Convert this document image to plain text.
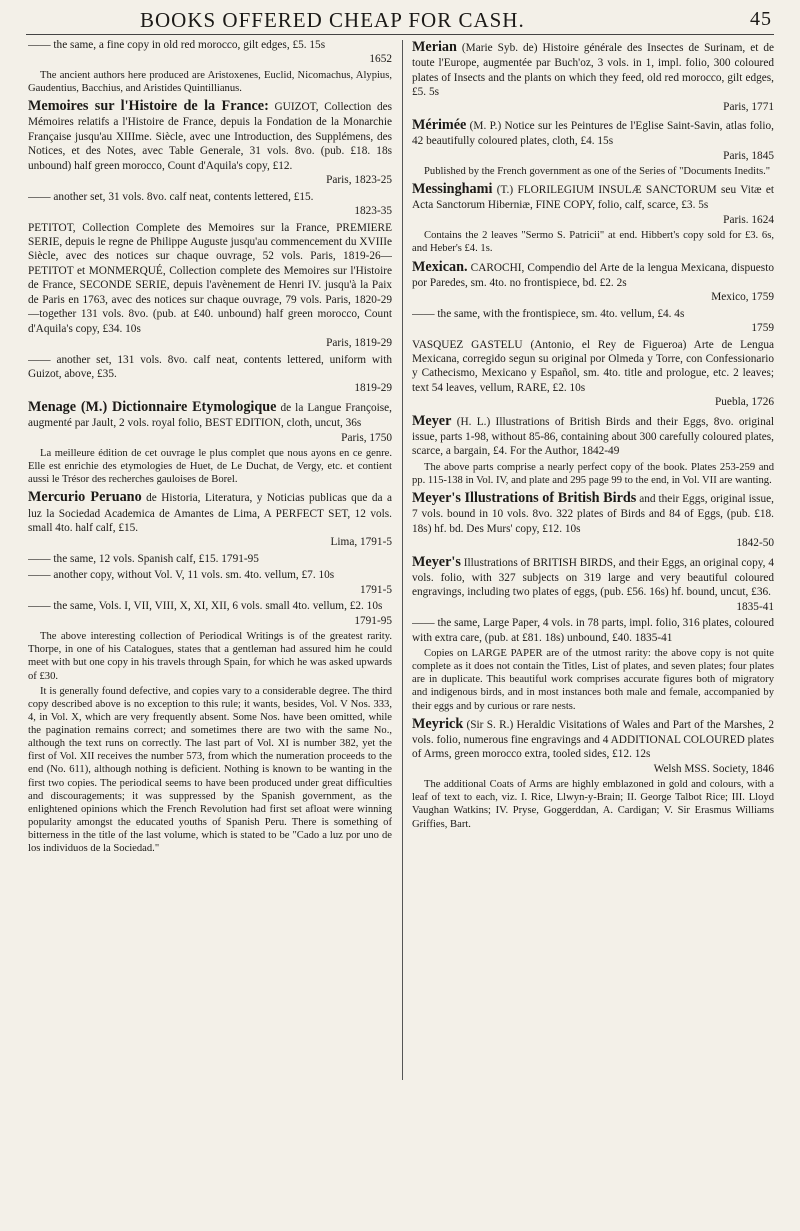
BOOKS OFFERED CHEAP FOR CASH.	45

—— the same, a fine copy in old red morocco, gilt edges, £5. 15s
1652

The ancient authors here produced are Aristoxenes, Euclid, Nicomachus, Alypius, Gaudentius, Bacchius, and Aristides Quintillianus.

Memoires sur l'Histoire de la France: GUIZOT, Collection des Mémoires relatifs a l'Histoire de France, depuis la Fondation de la Monarchie Française jusqu'au XIIIme. Siècle, avec une Introduction, des Supplémens, des Notices, et des Notes, avec Table Generale, 31 vols. 8vo. (pub. £18. 18s unbound) half green morocco, Count d'Aquila's copy, £12.
Paris, 1823-25

—— another set, 31 vols. 8vo. calf neat, contents lettered, £15.
1823-35

PETITOT, Collection Complete des Memoires sur la France, PREMIERE SERIE, depuis le regne de Philippe Auguste jusqu'au commencement du XVIIIe Siècle, avec des notices sur chaque ouvrage, 52 vols. Paris, 1819-26—PETITOT et MONMERQUÉ, Collection complete des Memoires sur l'Histoire de France, SECONDE SERIE, depuis l'avènement de Henri IV. jusqu'à la Paix de Paris en 1763, avec des notices sur chaque ouvrage, 79 vols. Paris, 1820-29—together 131 vols. 8vo. (pub. at £40. unbound) half green morocco, Count d'Aquila's copy, £34. 10s
Paris, 1819-29

—— another set, 131 vols. 8vo. calf neat, contents lettered, uniform with Guizot, above, £35.
1819-29

Menage (M.) Dictionnaire Etymologique de la Langue Françoise, augmenté par Jault, 2 vols. royal folio, BEST EDITION, cloth, uncut, 36s
Paris, 1750

La meilleure édition de cet ouvrage le plus complet que nous ayons en ce genre. Elle est enrichie des etymologies de Huet, de Le Duchat, de Vergy, etc. et contient aussi le Trésor des recherches gauloises de Borel.

Mercurio Peruano de Historia, Literatura, y Noticias publicas que da a luz la Sociedad Academica de Amantes de Lima, A PERFECT SET, 12 vols. small 4to. half calf, £15.
Lima, 1791-5

—— the same, 12 vols. Spanish calf, £15. 1791-95

—— another copy, without Vol. V, 11 vols. sm. 4to. vellum, £7. 10s
1791-5

—— the same, Vols. I, VII, VIII, X, XI, XII, 6 vols. small 4to. vellum, £2. 10s
1791-95

The above interesting collection of Periodical Writings is of the greatest rarity. Thorpe, in one of his Catalogues, states that a gentleman had assured him he could meet with but one copy in his travels through Spain, for which he was asked upwards of £30.

It is generally found defective, and copies vary to a considerable degree. The third copy described above is no exception to this rule; it wants, besides, Vol. V Nos. 333, 4, in Vol. X, which are very frequently absent. Some Nos. have been omitted, while the pagination remains correct; and sometimes there are two with the same No., although the text runs on correctly. The last part of Vol. XI is number 382, yet the first of Vol. XII receives the number 573, from which the numeration proceeds to the end (No. 611), although nothing is deficient. Nothing is known to be wanting in the first two copies. The periodical seems to have been produced under great difficulties and discouragements; it was suppressed by the Spanish government, as the enlightened opinions which the French Revolution had first set afloat were winning popularity amongst the educated youths of Spanish Peru. There is something of bitterness in the title of the last volume, which is stated to be "Cado a luz por uno de los individuos de la Sociedad."

Merian (Marie Syb. de) Histoire générale des Insectes de Surinam, et de toute l'Europe, augmentée par Buch'oz, 3 vols. in 1, impl. folio, 300 coloured plates of Insects and the plants on which they feed, old red morocco, gilt edges, £5. 5s
Paris, 1771

Mérimée (M. P.) Notice sur les Peintures de l'Eglise Saint-Savin, atlas folio, 42 beautifully coloured plates, cloth, £4. 15s
Paris, 1845

Published by the French government as one of the Series of "Documents Inedits."

Messinghami (T.) FLORILEGIUM INSULÆ SANCTORUM seu Vitæ et Acta Sanctorum Hiberniæ, FINE COPY, folio, calf, scarce, £3. 5s
Paris. 1624

Contains the 2 leaves "Sermo S. Patricii" at end. Hibbert's copy sold for £3. 6s, and Heber's £4. 1s.

Mexican. CAROCHI, Compendio del Arte de la lengua Mexicana, dispuesto por Paredes, sm. 4to. no frontispiece, bd. £2. 2s
Mexico, 1759

—— the same, with the frontispiece, sm. 4to. vellum, £4. 4s
1759

VASQUEZ GASTELU (Antonio, el Rey de Figueroa) Arte de Lengua Mexicana, corregido segun su original por Olmeda y Torre, con Confessionario y Cathecismo, Mexicano y Español, sm. 4to. title and prologue, etc. 2 leaves; text 54 leaves, vellum, RARE, £2. 10s
Puebla, 1726

Meyer (H. L.) Illustrations of British Birds and their Eggs, 8vo. original issue, parts 1-98, without 85-86, containing about 300 carefully coloured plates, scarce, a bargain, £4. For the Author, 1842-49

The above parts comprise a nearly perfect copy of the book. Plates 253-259 and pp. 115-138 in Vol. IV, and plate and 295 page 99 to the end, in Vol. VII are wanting.

Meyer's Illustrations of British Birds and their Eggs, original issue, 7 vols. bound in 10 vols. 8vo. 322 plates of Birds and 84 of Eggs, (pub. £18. 18s) hf. bd. Des Murs' copy, £12. 10s
1842-50

Meyer's Illustrations of BRITISH BIRDS, and their Eggs, an original copy, 4 vols. folio, with 327 subjects on 319 large and very beautiful coloured engravings, including two plates of eggs, (pub. £56. 16s) hf. bound, uncut, £36.
1835-41

—— the same, Large Paper, 4 vols. in 78 parts, impl. folio, 316 plates, coloured with extra care, (pub. at £81. 18s) unbound, £40. 1835-41

Copies on LARGE PAPER are of the utmost rarity: the above copy is not quite complete as it does not contain the Titles, List of plates, and seven plates; four plates are in duplicate. This beautiful work comprises accurate figures both of migratory and indigenous birds, and in most instances both male and female, accompanied by their eggs and by curious or rare nests.

Meyrick (Sir S. R.) Heraldic Visitations of Wales and Part of the Marshes, 2 vols. folio, numerous fine engravings and 4 ADDITIONAL COLOURED plates of Arms, green morocco extra, tooled sides, £12. 12s
Welsh MSS. Society, 1846

The additional Coats of Arms are highly emblazoned in gold and colours, with a leaf of text to each, viz. I. Rice, Llwyn-y-Brain; II. George Talbot Rice; III. Lloyd Vaughan Watkins; IV. Pryse, Goggerddan, A. Cardigan; V. Sir Erasmus Williams Griffies, Bart.
